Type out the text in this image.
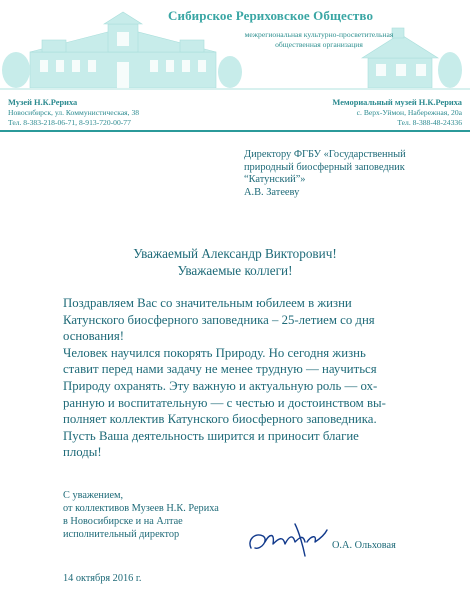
Сибирское Рериховское Общество
межрегиональная культурно-просветительная
общественная организация
Музей Н.К.Рериха
Новосибирск, ул. Коммунистическая, 38
Тел. 8-383-218-06-71, 8-913-720-00-77
Мемориальный музей Н.К.Рериха
с. Верх-Уймон, Набережная, 20а
Тел. 8-388-48-24336
Директору ФГБУ «Государственный
природный биосферный заповедник
“Катунский”»
А.В. Затееву
Уважаемый Александр Викторович!
Уважаемые коллеги!
Поздравляем Вас со значительным юбилеем в жизни
Катунского биосферного заповедника – 25-летием со дня
основания!
Человек научился покорять Природу. Но сегодня жизнь
ставит перед нами задачу не менее трудную — научиться
Природу охранять. Эту важную и актуальную роль — ох-
ранную и воспитательную — с честью и достоинством вы-
полняет коллектив Катунского биосферного заповедника.
Пусть Ваша деятельность ширится и приносит благие
плоды!
С уважением,
от коллективов Музеев Н.К. Рериха
в Новосибирске и на Алтае
исполнительный директор
О.А. Ольховая
14 октября 2016 г.
